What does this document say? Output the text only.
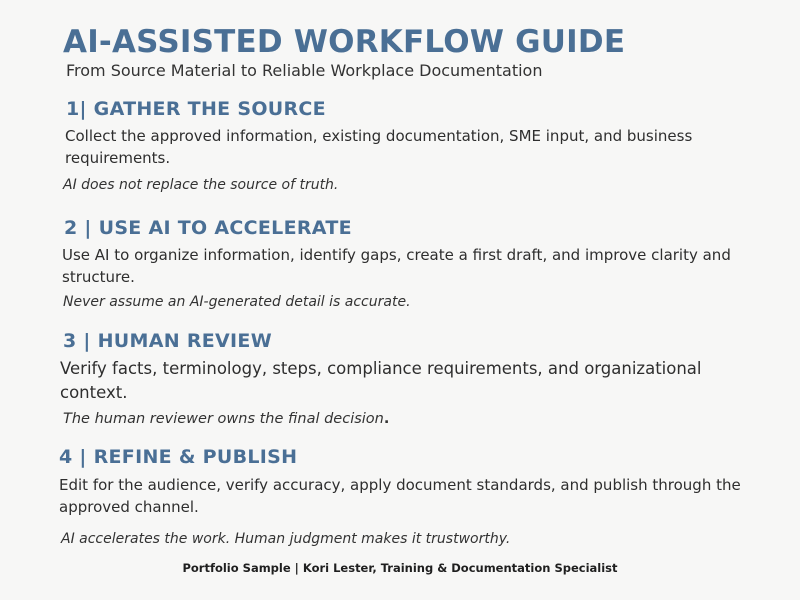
AI-ASSISTED WORKFLOW GUIDE
From Source Material to Reliable Workplace Documentation
1| GATHER THE SOURCE
Collect the approved information, existing documentation, SME input, and business requirements.
AI does not replace the source of truth.
2 | USE AI TO ACCELERATE
Use AI to organize information, identify gaps, create a first draft, and improve clarity and structure.
Never assume an AI-generated detail is accurate.
3 | HUMAN REVIEW
Verify facts, terminology, steps, compliance requirements, and organizational context.
The human reviewer owns the final decision.
4 | REFINE & PUBLISH
Edit for the audience, verify accuracy, apply document standards, and publish through the approved channel.
AI accelerates the work. Human judgment makes it trustworthy.
Portfolio Sample | Kori Lester, Training & Documentation Specialist
